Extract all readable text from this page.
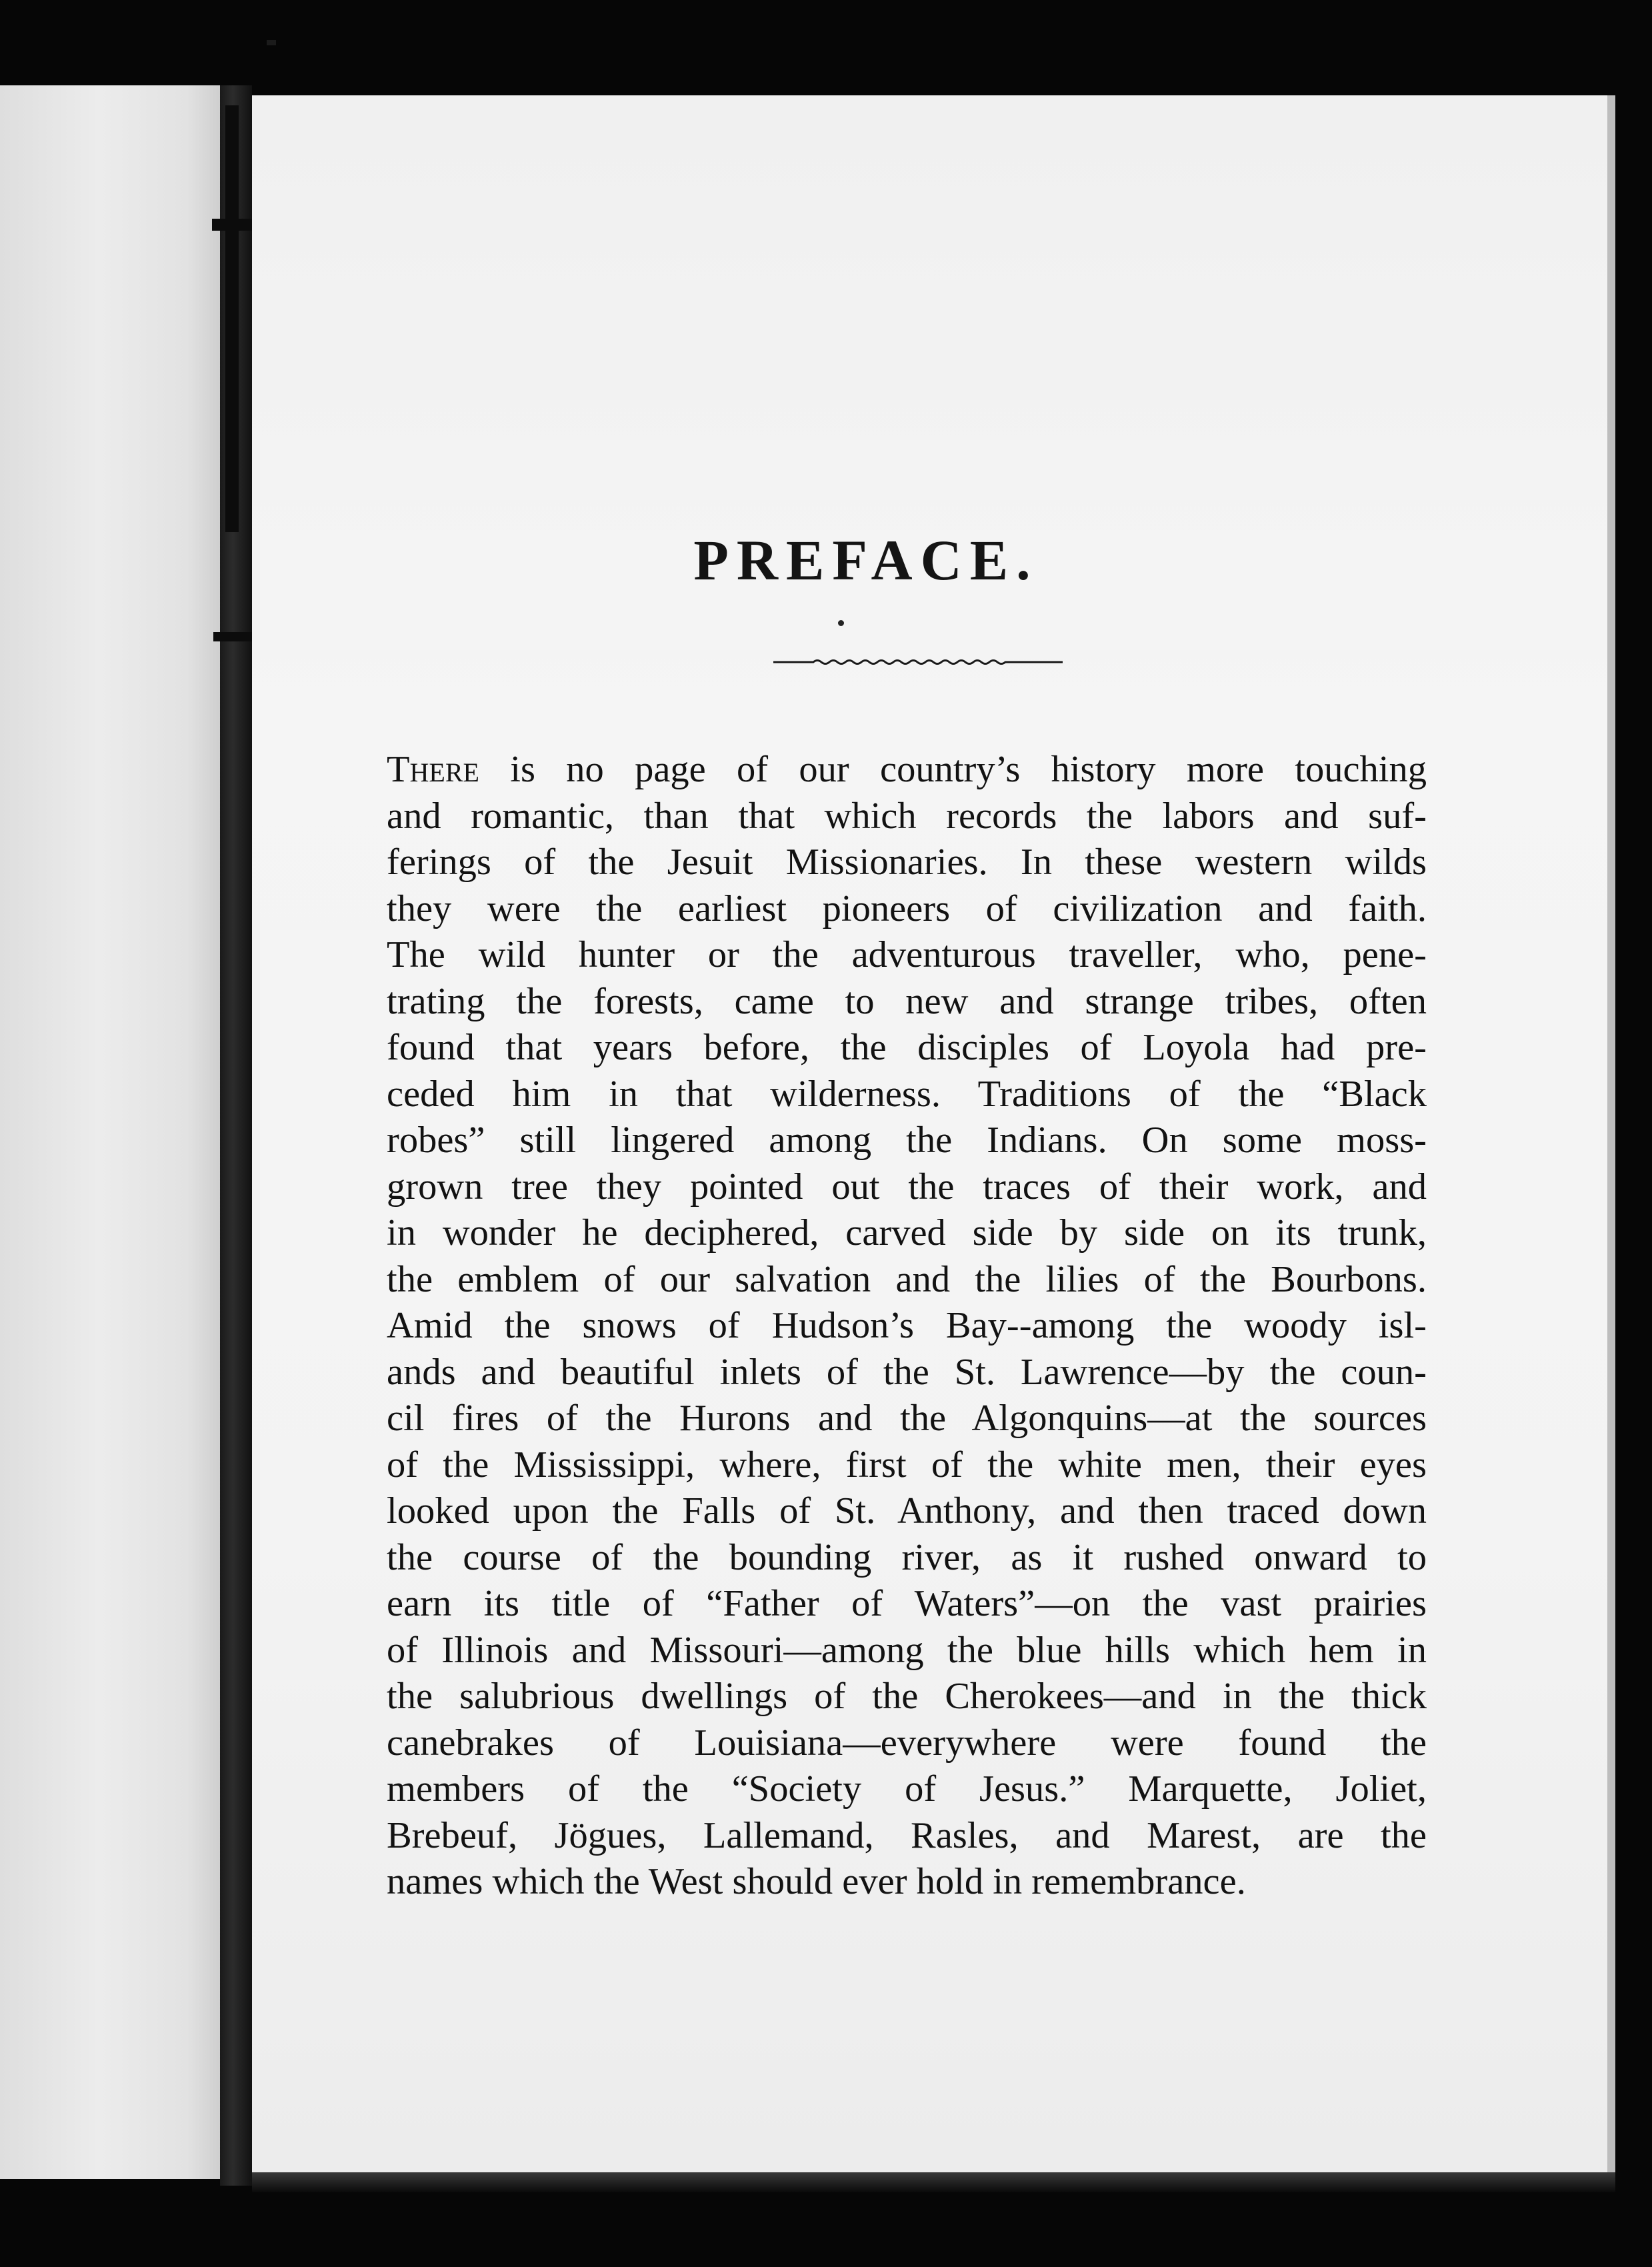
PREFACE.
There is no page of our country’s history more touching
and romantic, than that which records the labors and suf-
ferings of the Jesuit Missionaries. In these western wilds
they were the earliest pioneers of civilization and faith.
The wild hunter or the adventurous traveller, who, pene-
trating the forests, came to new and strange tribes, often
found that years before, the disciples of Loyola had pre-
ceded him in that wilderness. Traditions of the “Black
robes” still lingered among the Indians. On some moss-
grown tree they pointed out the traces of their work, and
in wonder he deciphered, carved side by side on its trunk,
the emblem of our salvation and the lilies of the Bourbons.
Amid the snows of Hudson’s Bay--among the woody isl-
ands and beautiful inlets of the St. Lawrence—by the coun-
cil fires of the Hurons and the Algonquins—at the sources
of the Mississippi, where, first of the white men, their eyes
looked upon the Falls of St. Anthony, and then traced down
the course of the bounding river, as it rushed onward to
earn its title of “Father of Waters”—on the vast prairies
of Illinois and Missouri—among the blue hills which hem in
the salubrious dwellings of the Cherokees—and in the thick
canebrakes of Louisiana—everywhere were found the
members of the “Society of Jesus.” Marquette, Joliet,
Brebeuf, Jögues, Lallemand, Rasles, and Marest, are the
names which the West should ever hold in remembrance.
